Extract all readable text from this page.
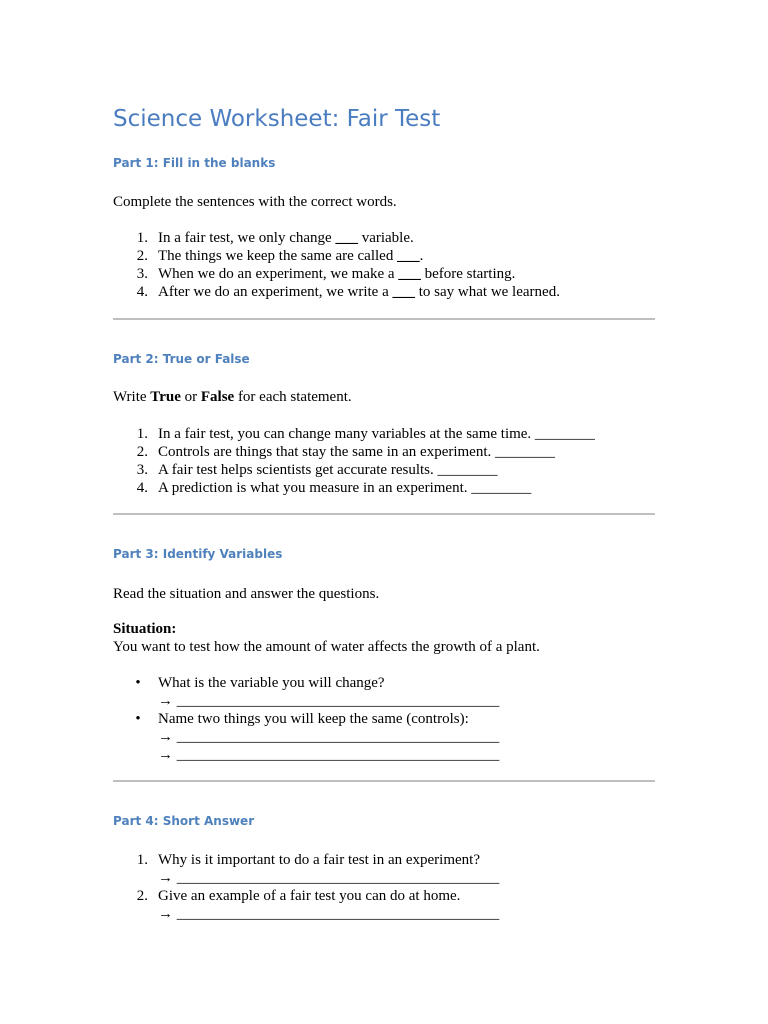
Science Worksheet: Fair Test
Part 1: Fill in the blanks

Complete the sentences with the correct words.

1. In a fair test, we only change ___ variable.
2. The things we keep the same are called ___.
3. When we do an experiment, we make a ___ before starting.
4. After we do an experiment, we write a ___ to say what we learned.
Part 2: True or False

Write True or False for each statement.

1. In a fair test, you can change many variables at the same time. ________
2. Controls are things that stay the same in an experiment. ________
3. A fair test helps scientists get accurate results. ________
4. A prediction is what you measure in an experiment. ________
Part 3: Identify Variables

Read the situation and answer the questions.

Situation:

You want to test how the amount of water affects the growth of a plant.

• What is the variable you will change?
→ ___________________________________________
• Name two things you will keep the same (controls):
→ ___________________________________________
→ ___________________________________________
Part 4: Short Answer
1. Why is it important to do a fair test in an experiment?
→ ___________________________________________
2. Give an example of a fair test you can do at home.
→ ___________________________________________
